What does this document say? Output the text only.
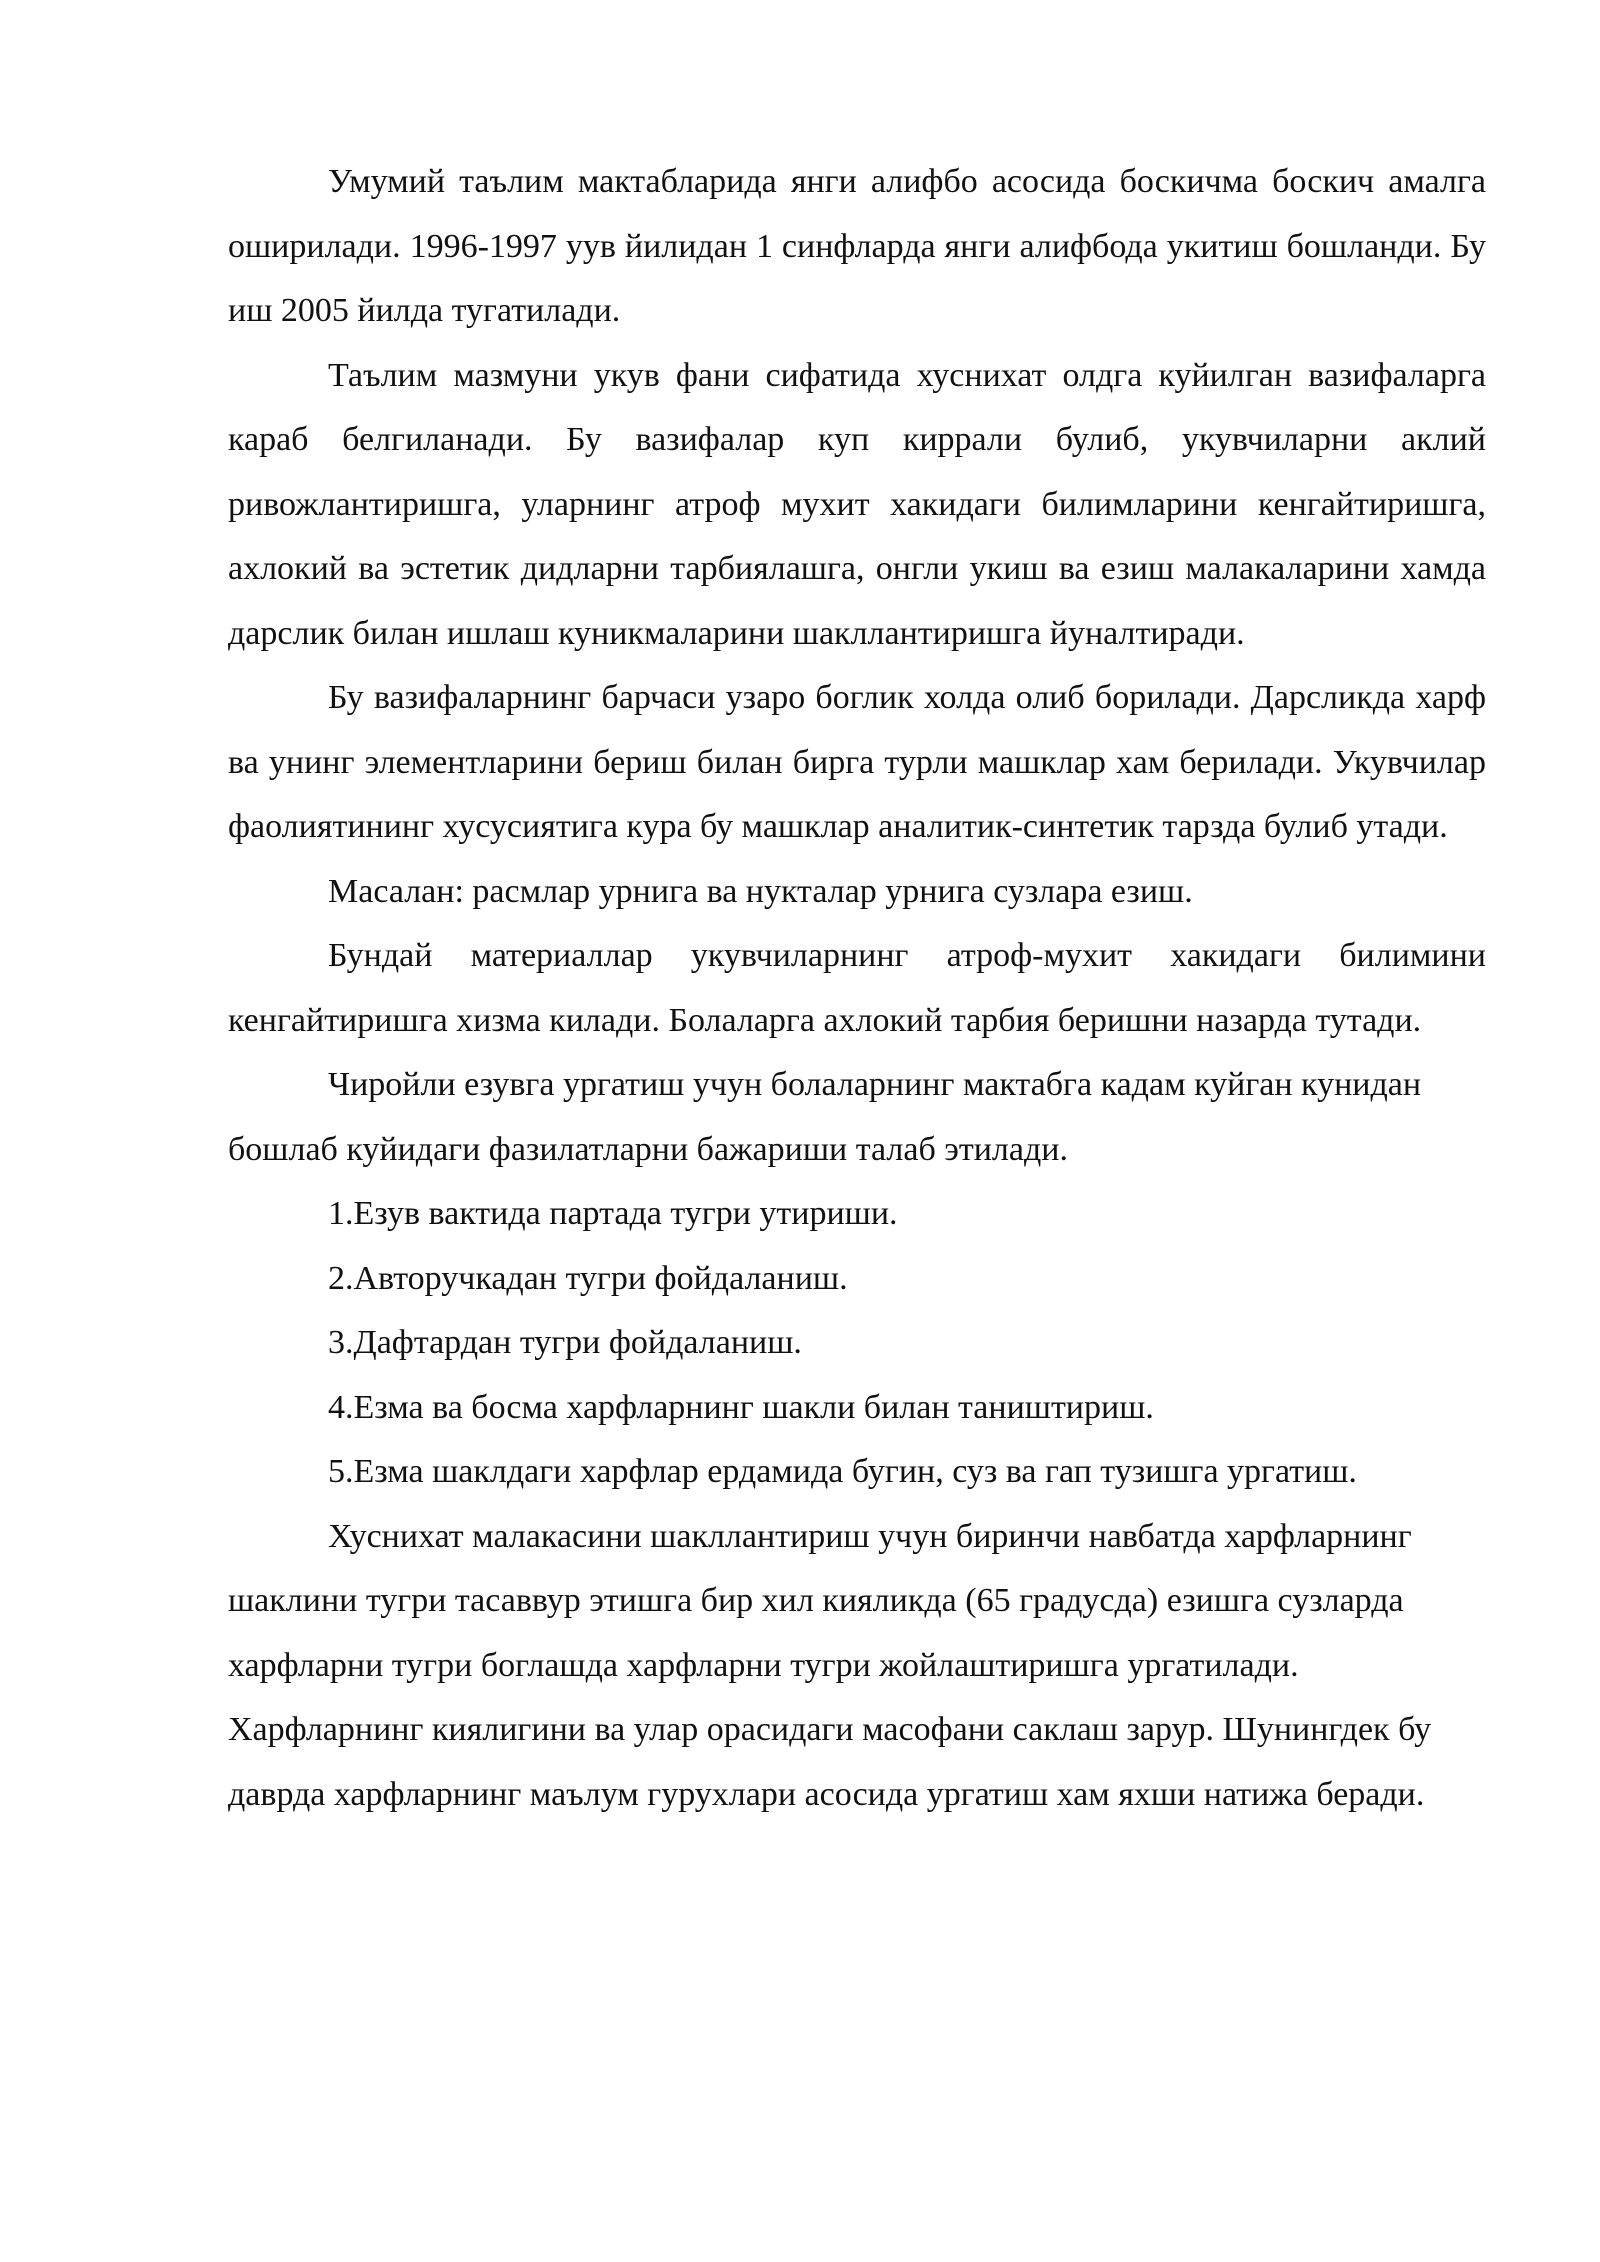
Умумий таълим мактабларида янги алифбо асосида боскичма боскич амалга оширилади. 1996-1997 уув йилидан 1 синфларда янги алифбода укитиш бошланди. Бу иш 2005 йилда тугатилади.

Таълим мазмуни укув фани сифатида хуснихат олдга куйилган вазифаларга караб белгиланади. Бу вазифалар куп киррали булиб, укувчиларни аклий ривожлантиришга, уларнинг атроф мухит хакидаги билимларини кенгайтиришга, ахлокий ва эстетик дидларни тарбиялашга, онгли укиш ва езиш малакаларини хамда дарслик билан ишлаш куникмаларини шакллантиришга йуналтиради.

Бу вазифаларнинг барчаси узаро боглик холда олиб борилади. Дарсликда харф ва унинг элементларини бериш билан бирга турли машклар хам берилади. Укувчилар фаолиятининг хусусиятига кура бу машклар аналитик-синтетик тарзда булиб утади.

Масалан: расмлар урнига ва нукталар урнига сузлара езиш.

Бундай материаллар укувчиларнинг атроф-мухит хакидаги билимини кенгайтиришга хизма килади. Болаларга ахлокий тарбия беришни назарда тутади.

Чиройли езувга ургатиш учун болаларнинг мактабга кадам куйган кунидан бошлаб куйидаги фазилатларни бажариши талаб этилади.

1.Езув вактида партада тугри утириши.

2.Авторучкадан тугри фойдаланиш.

3.Дафтардан тугри фойдаланиш.

4.Езма ва босма харфларнинг шакли билан таништириш.

5.Езма шаклдаги харфлар ердамида бугин, суз ва гап тузишга ургатиш.

Хуснихат малакасини шакллантириш учун биринчи навбатда харфларнинг шаклини тугри тасаввур этишга бир хил кияликда (65 градусда) езишга сузларда харфларни тугри боглашда харфларни тугри жойлаштиришга ургатилади. Харфларнинг киялигини ва улар орасидаги масофани саклаш зарур. Шунингдек бу даврда харфларнинг маълум гурухлари асосида ургатиш хам яхши натижа беради.
